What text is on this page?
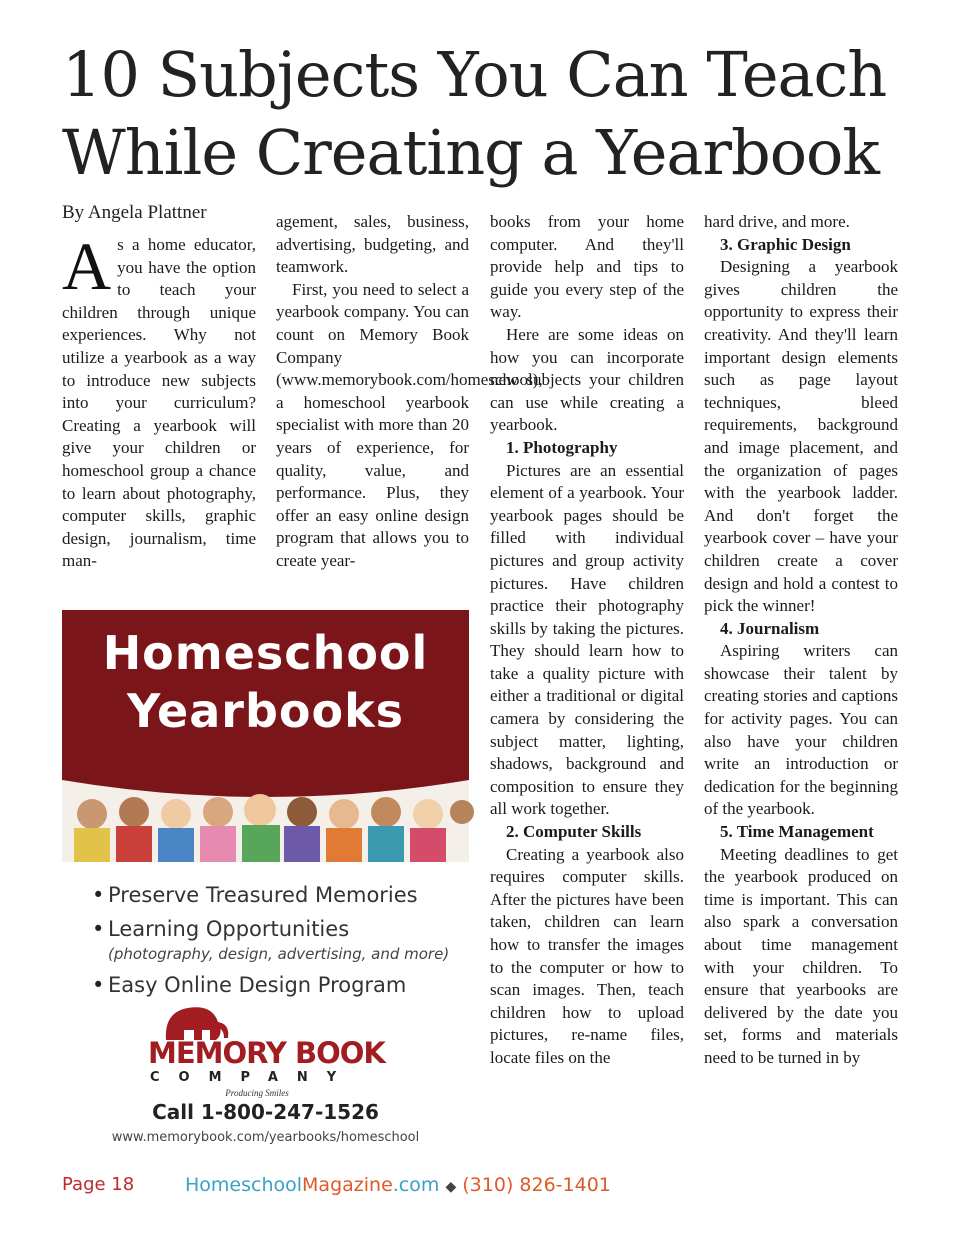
10 Subjects You Can Teach
While Creating a Yearbook
By Angela Plattner

As a home educator, you have the option to teach your children through unique experiences. Why not utilize a yearbook as a way to introduce new subjects into your curriculum? Creating a yearbook will give your children or homeschool group a chance to learn about photography, computer skills, graphic design, journalism, time man-

agement, sales, business, advertising, budgeting, and teamwork.

First, you need to select a yearbook company. You can count on Memory Book Company (www.memorybook.com/homeschool), a homeschool yearbook specialist with more than 20 years of experience, for quality, value, and performance. Plus, they offer an easy online design program that allows you to create year-

books from your home computer. And they'll provide help and tips to guide you every step of the way.

Here are some ideas on how you can incorporate new subjects your children can use while creating a yearbook.

1. Photography

Pictures are an essential element of a yearbook. Your yearbook pages should be filled with individual pictures and group activity pictures. Have children practice their photography skills by taking the pictures. They should learn how to take a quality picture with either a traditional or digital camera by considering the subject matter, lighting, shadows, background and composition to ensure they all work together.

2. Computer Skills

Creating a yearbook also requires computer skills. After the pictures have been taken, children can learn how to transfer the images to the computer or how to scan images. Then, teach children how to upload pictures, re-name files, locate files on the

hard drive, and more.

3. Graphic Design

Designing a yearbook gives children the opportunity to express their creativity. And they'll learn important design elements such as page layout techniques, bleed requirements, background and image placement, and the organization of pages with the yearbook ladder. And don't forget the yearbook cover – have your children create a cover design and hold a contest to pick the winner!

4. Journalism

Aspiring writers can showcase their talent by creating stories and captions for activity pages. You can also have your children write an introduction or dedication for the beginning of the yearbook.

5. Time Management

Meeting deadlines to get the yearbook produced on time is important. This can also spark a conversation about time management with your children. To ensure that yearbooks are delivered by the date you set, forms and materials need to be turned in by

Homeschool
Yearbooks
• Preserve Treasured Memories
• Learning Opportunities
(photography, design, advertising, and more)
• Easy Online Design Program
MEMORY BOOK
COMPANY
Producing Smiles
Call 1-800-247-1526
www.memorybook.com/yearbooks/homeschool
Page 18	HomeschoolMagazine.com ◆ (310) 826-1401
